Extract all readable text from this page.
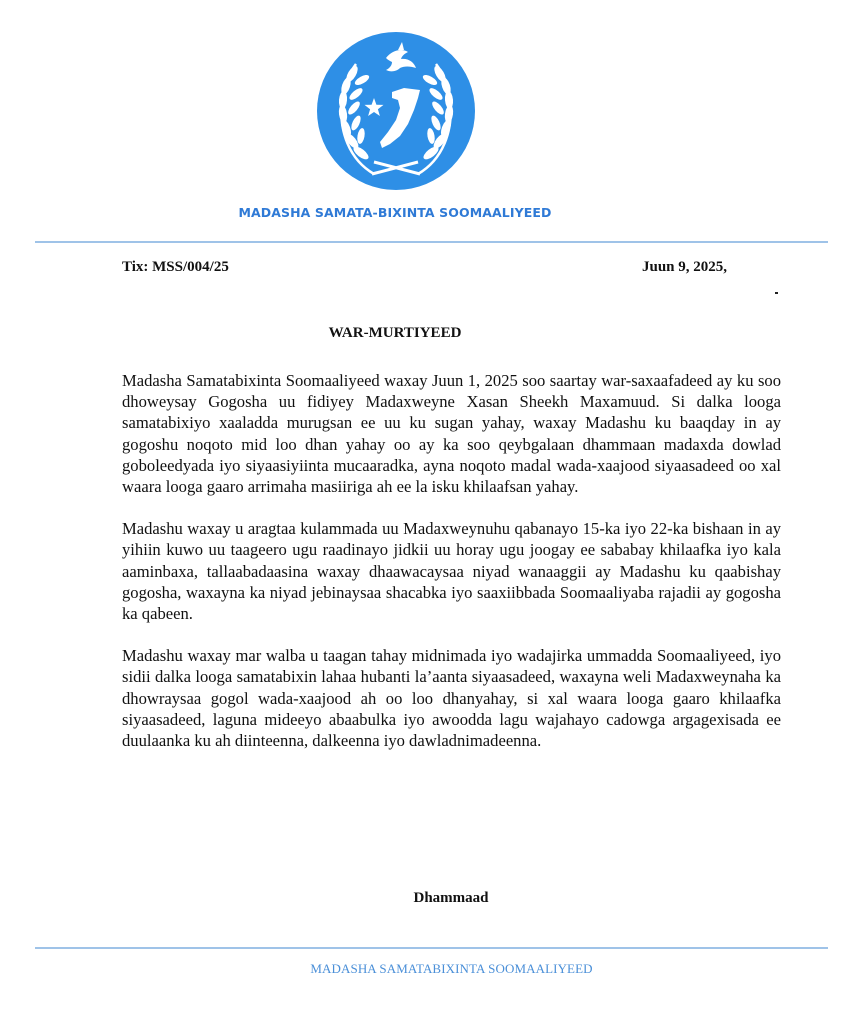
MADASHA SAMATA-BIXINTA SOOMAALIYEED
Tix: MSS/004/25	Juun 9, 2025,
WAR-MURTIYEED

Madasha Samatabixinta Soomaaliyeed waxay Juun 1, 2025 soo saartay war-saxaafadeed ay ku soo dhoweysay Gogosha uu fidiyey Madaxweyne Xasan Sheekh Maxamuud. Si dalka looga samatabixiyo xaaladda murugsan ee uu ku sugan yahay, waxay Madashu ku baaqday in ay gogoshu noqoto mid loo dhan yahay oo ay ka soo qeybgalaan dhammaan madaxda dowlad goboleedyada iyo siyaasiyiinta mucaaradka, ayna noqoto madal wada-xaajood siyaasadeed oo xal waara looga gaaro arrimaha masiiriga ah ee la isku khilaafsan yahay.

Madashu waxay u aragtaa kulammada uu Madaxweynuhu qabanayo 15-ka iyo 22-ka bishaan in ay yihiin kuwo uu taageero ugu raadinayo jidkii uu horay ugu joogay ee sababay khilaafka iyo kala aaminbaxa, tallaabadaasina waxay dhaawacaysaa niyad wanaaggii ay Madashu ku qaabishay gogosha, waxayna ka niyad jebinaysaa shacabka iyo saaxiibbada Soomaaliyaba rajadii ay gogosha ka qabeen.

Madashu waxay mar walba u taagan tahay midnimada iyo wadajirka ummadda Soomaaliyeed, iyo sidii dalka looga samatabixin lahaa hubanti la’aanta siyaasadeed, waxayna weli Madaxweynaha ka dhowraysaa gogol wada-xaajood ah oo loo dhanyahay, si xal waara looga gaaro khilaafka siyaasadeed, laguna mideeyo abaabulka iyo awoodda lagu wajahayo cadowga argagexisada ee duulaanka ku ah diinteenna, dalkeenna iyo dawladnimadeenna.

Dhammaad
MADASHA SAMATABIXINTA SOOMAALIYEED
